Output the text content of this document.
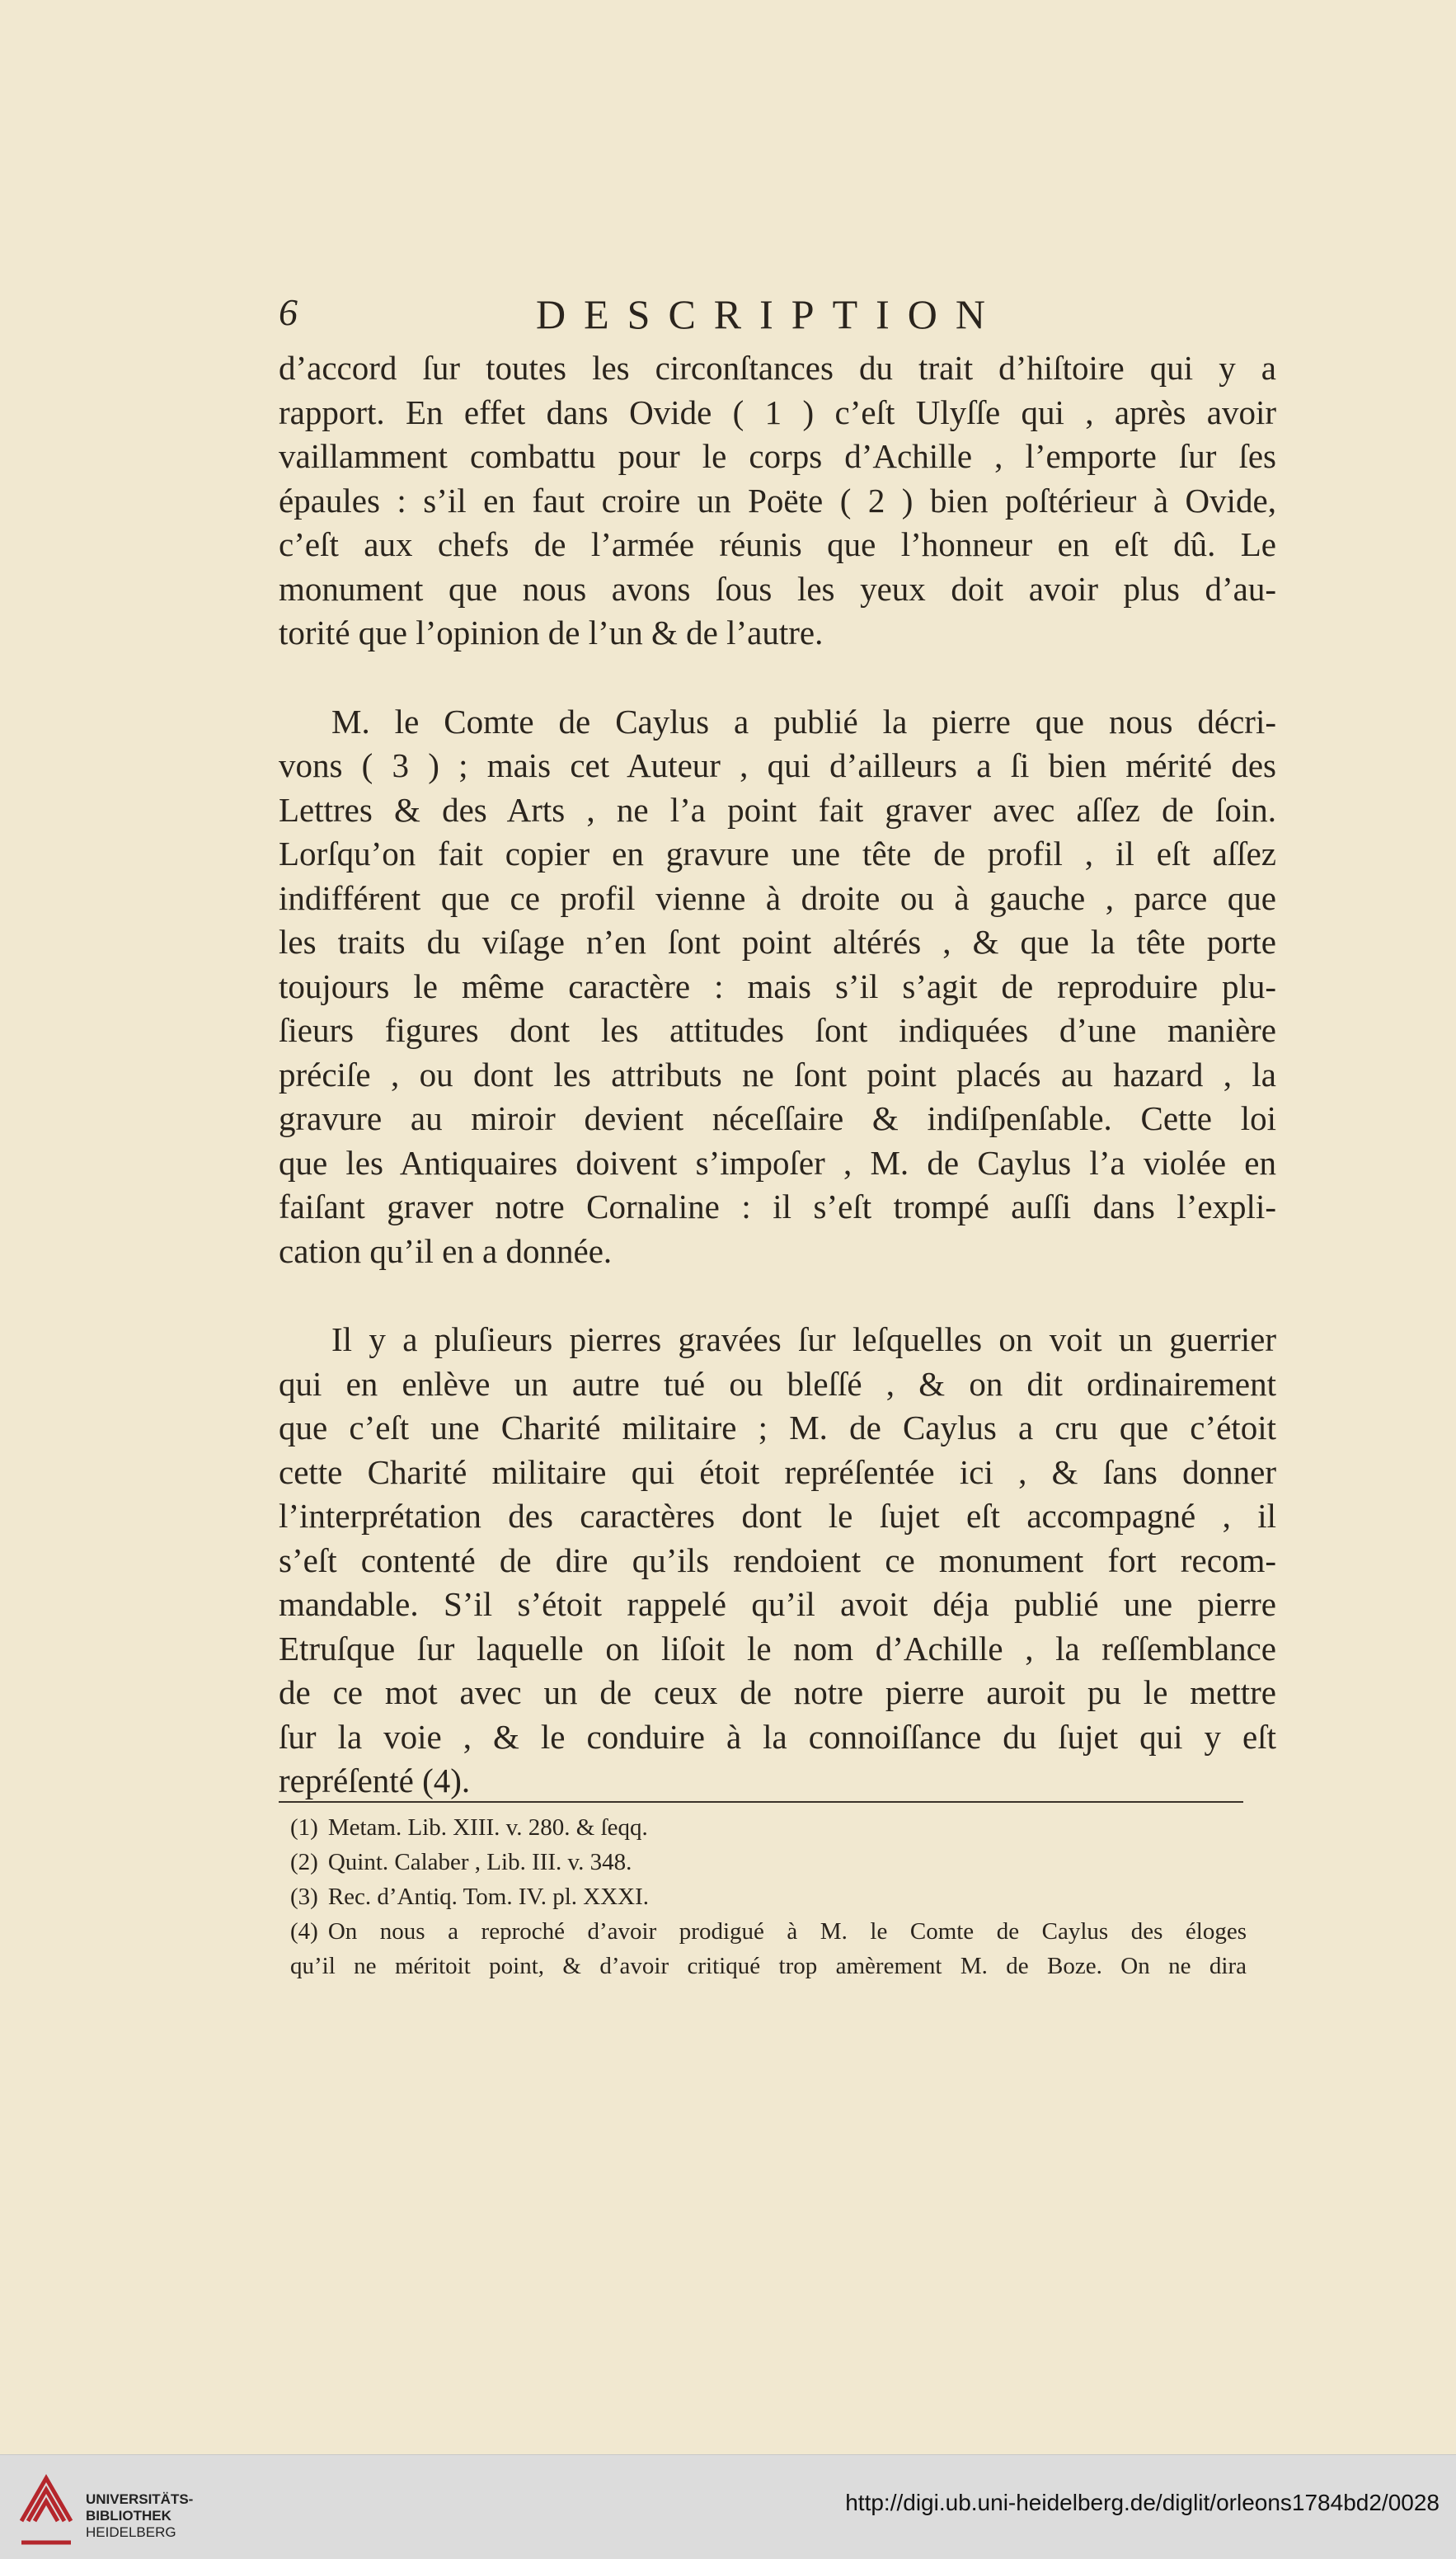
6	DESCRIPTION

d’accord ſur toutes les circonſtances du trait d’hiſtoire qui y a

rapport. En effet dans Ovide ( 1 ) c’eſt Ulyſſe qui , après avoir

vaillamment combattu pour le corps d’Achille , l’emporte ſur ſes

épaules : s’il en faut croire un Poëte ( 2 ) bien poſtérieur à Ovide,

c’eſt aux chefs de l’armée réunis que l’honneur en eſt dû. Le

monument que nous avons ſous les yeux doit avoir plus d’au-

torité que l’opinion de l’un & de l’autre.

M. le Comte de Caylus a publié la pierre que nous décri-

vons ( 3 ) ; mais cet Auteur , qui d’ailleurs a ſi bien mérité des

Lettres & des Arts , ne l’a point fait graver avec aſſez de ſoin.

Lorſqu’on fait copier en gravure une tête de profil , il eſt aſſez

indifférent que ce profil vienne à droite ou à gauche , parce que

les traits du viſage n’en ſont point altérés , & que la tête porte

toujours le même caractère : mais s’il s’agit de reproduire plu-

ſieurs figures dont les attitudes ſont indiquées d’une manière

préciſe , ou dont les attributs ne ſont point placés au hazard , la

gravure au miroir devient néceſſaire & indiſpenſable. Cette loi

que les Antiquaires doivent s’impoſer , M. de Caylus l’a violée en

faiſant graver notre Cornaline : il s’eſt trompé auſſi dans l’expli-

cation qu’il en a donnée.

Il y a pluſieurs pierres gravées ſur leſquelles on voit un guerrier

qui en enlève un autre tué ou bleſſé , & on dit ordinairement

que c’eſt une Charité militaire ; M. de Caylus a cru que c’étoit

cette Charité militaire qui étoit repréſentée ici , & ſans donner

l’interprétation des caractères dont le ſujet eſt accompagné , il

s’eſt contenté de dire qu’ils rendoient ce monument fort recom-

mandable. S’il s’étoit rappelé qu’il avoit déja publié une pierre

Etruſque ſur laquelle on liſoit le nom d’Achille , la reſſemblance

de ce mot avec un de ceux de notre pierre auroit pu le mettre

ſur la voie , & le conduire à la connoiſſance du ſujet qui y eſt

repréſenté (4).

(1) Metam. Lib. XIII. v. 280. & ſeqq.

(2) Quint. Calaber , Lib. III. v. 348.

(3) Rec. d’Antiq. Tom. IV. pl. XXXI.

(4) On nous a reproché d’avoir prodigué à M. le Comte de Caylus des éloges

qu’il ne méritoit point, & d’avoir critiqué trop amèrement M. de Boze. On ne dira

UNIVERSITÄTS-
BIBLIOTHEK
HEIDELBERG
http://digi.ub.uni-heidelberg.de/diglit/orleons1784bd2/0028
